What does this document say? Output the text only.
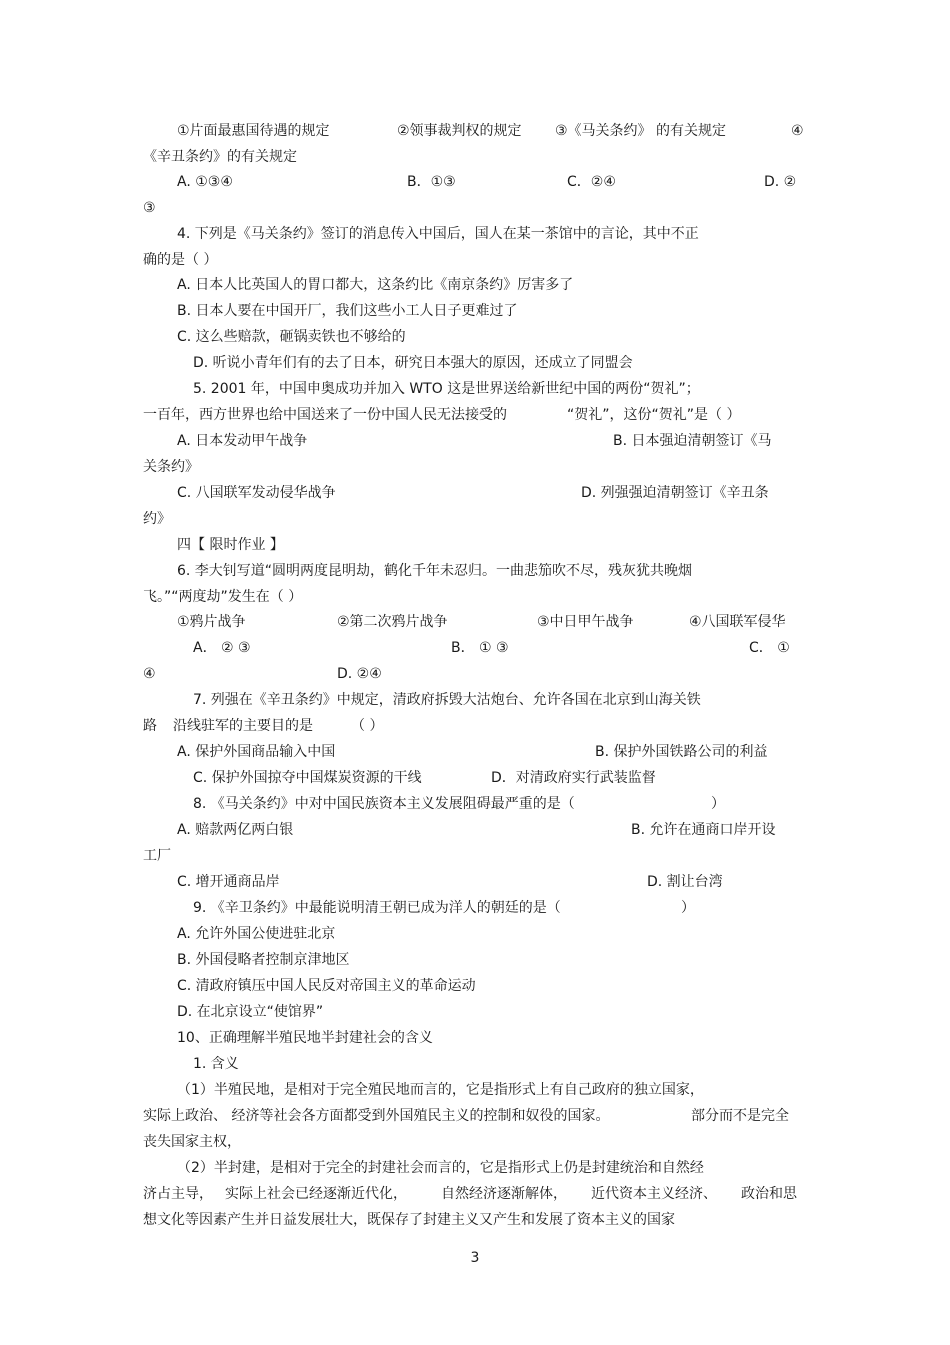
①片面最惠国待遇的规定	②领事裁判权的规定 ③《马关条约》 的有关规定	④
《辛丑条约》的有关规定
A. ①③④	B．①③	C．②④	D. ②
③
4. 下列是《马关条约》签订的消息传入中国后，国人在某一茶馆中的言论，其中不正
确的是（ ）
A. 日本人比英国人的胃口都大，这条约比《南京条约》厉害多了
B. 日本人要在中国开厂，我们这些小工人日子更难过了
C. 这么些赔款，砸锅卖铁也不够给的
D. 听说小青年们有的去了日本，研究日本强大的原因，还成立了同盟会
5. 2001 年，中国申奥成功并加入 WTO 这是世界送给新世纪中国的两份“贺礼”；
一百年，西方世界也给中国送来了一份中国人民无法接受的	“贺礼”，这份“贺礼”是（ ）
A. 日本发动甲午战争	B. 日本强迫清朝签订《马
关条约》
C. 八国联军发动侵华战争	D. 列强强迫清朝签订《辛丑条
约》
四【 限时作业 】
6. 李大钊写道“圆明两度昆明劫，鹤化千年未忍归。一曲悲笳吹不尽，残灰犹共晚烟
飞。”“两度劫”发生在（ ）
①鸦片战争	②第二次鸦片战争	③中日甲午战争	④八国联军侵华
A． ② ③	B． ① ③	C． ①
④	D. ②④
7. 列强在《辛丑条约》中规定，清政府拆毁大沽炮台、允许各国在北京到山海关铁
路 沿线驻军的主要目的是	（ ）
A. 保护外国商品输入中国	B. 保护外国铁路公司的利益
C. 保护外国掠夺中国煤炭资源的干线	D．对清政府实行武装监督
8. 《马关条约》中对中国民族资本主义发展阻碍最严重的是（	）
A. 赔款两亿两白银	B. 允许在通商口岸开设
工厂
C. 增开通商品岸	D. 割让台湾
9. 《辛卫条约》中最能说明清王朝已成为洋人的朝廷的是（	）
A. 允许外国公使进驻北京
B. 外国侵略者控制京津地区
C. 清政府镇压中国人民反对帝国主义的革命运动
D. 在北京设立“使馆界”
10、正确理解半殖民地半封建社会的含义
1. 含义
（1）半殖民地，是相对于完全殖民地而言的，它是指形式上有自己政府的独立国家，
实际上政治、 经济等社会各方面都受到外国殖民主义的控制和奴役的国家。	部分而不是完全
丧失国家主权，
（2）半封建，是相对于完全的封建社会而言的，它是指形式上仍是封建统治和自然经
济占主导， 实际上社会已经逐渐近代化， 自然经济逐渐解体， 近代资本主义经济、 政治和思
想文化等因素产生并日益发展壮大，既保存了封建主义又产生和发展了资本主义的国家
3
